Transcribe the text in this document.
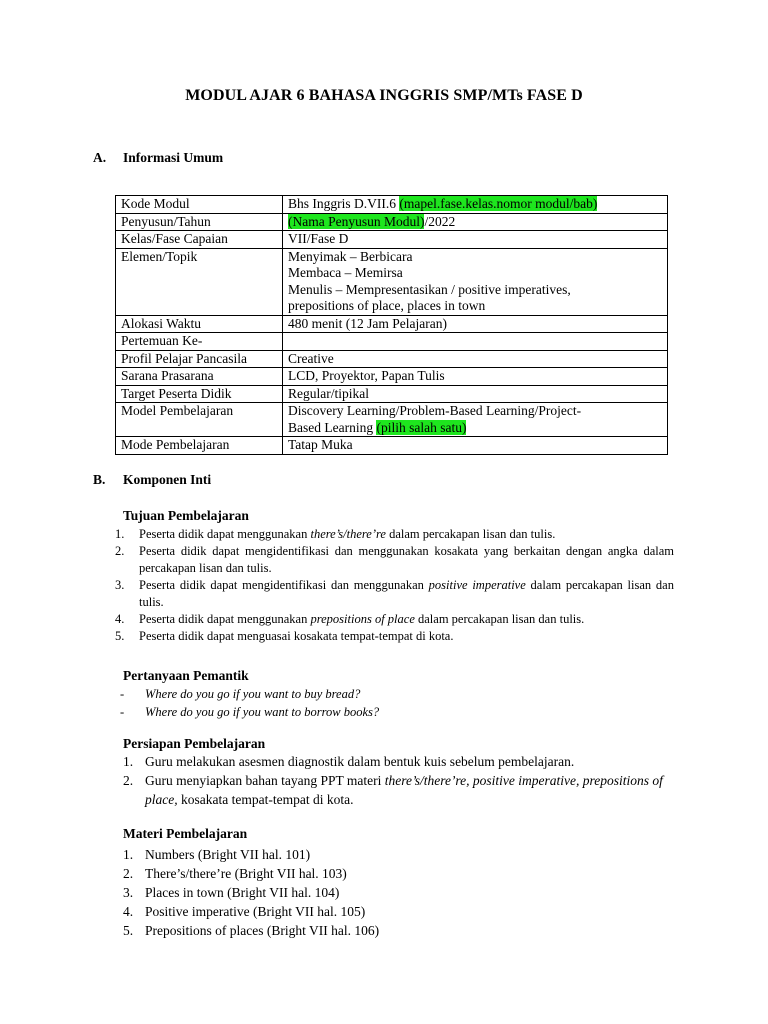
MODUL AJAR 6 BAHASA INGGRIS SMP/MTs FASE D
A. Informasi Umum
Kode Modul	Bhs Inggris D.VII.6 (mapel.fase.kelas.nomor modul/bab)
Penyusun/Tahun	(Nama Penyusun Modul)/2022
Kelas/Fase Capaian	VII/Fase D
Elemen/Topik	Menyimak – Berbicara
Membaca – Memirsa
Menulis – Mempresentasikan / positive imperatives,
prepositions of place, places in town

Alokasi Waktu	480 menit (12 Jam Pelajaran)
Pertemuan Ke-	
Profil Pelajar Pancasila	Creative
Sarana Prasarana	LCD, Proyektor, Papan Tulis
Target Peserta Didik	Regular/tipikal
Model Pembelajaran	Discovery Learning/Problem-Based Learning/Project-
Based Learning (pilih salah satu)

Mode Pembelajaran	Tatap Muka
B. Komponen Inti
Tujuan Pembelajaran
1. Peserta didik dapat menggunakan there’s/there’re dalam percakapan lisan dan tulis.
2. Peserta didik dapat mengidentifikasi dan menggunakan kosakata yang berkaitan dengan angka dalam percakapan lisan dan tulis.
3. Peserta didik dapat mengidentifikasi dan menggunakan positive imperative dalam percakapan lisan dan tulis.
4. Peserta didik dapat menggunakan prepositions of place dalam percakapan lisan dan tulis.
5. Peserta didik dapat menguasai kosakata tempat-tempat di kota.
Pertanyaan Pemantik
- Where do you go if you want to buy bread?
- Where do you go if you want to borrow books?
Persiapan Pembelajaran
1. Guru melakukan asesmen diagnostik dalam bentuk kuis sebelum pembelajaran.
2. Guru menyiapkan bahan tayang PPT materi there’s/there’re, positive imperative, prepositions of place, kosakata tempat-tempat di kota.
Materi Pembelajaran
1. Numbers (Bright VII hal. 101)
2. There’s/there’re (Bright VII hal. 103)
3. Places in town (Bright VII hal. 104)
4. Positive imperative (Bright VII hal. 105)
5. Prepositions of places (Bright VII hal. 106)
